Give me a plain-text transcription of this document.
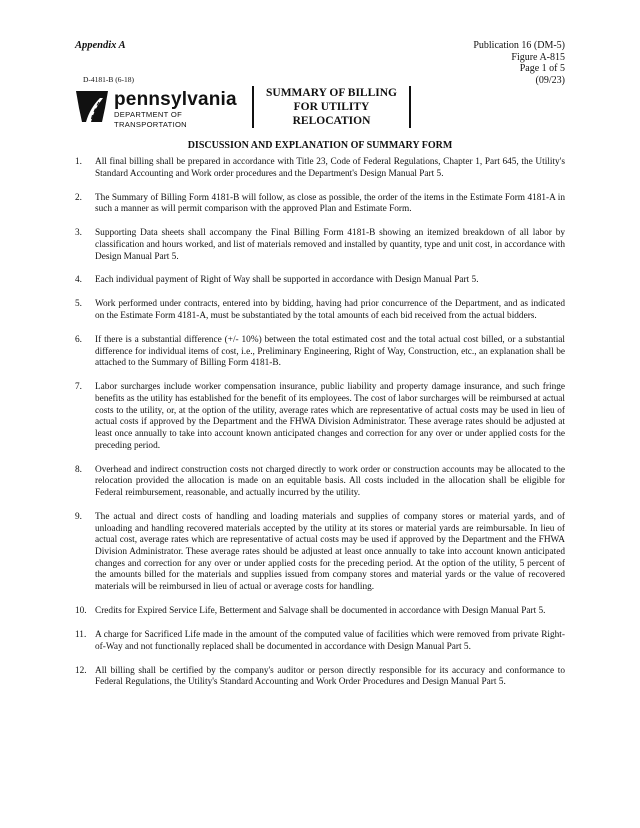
Appendix A	Publication 16 (DM-5)
Figure A-815
Page 1 of 5
(09/23)
D-4181-B (6-18)
pennsylvania
DEPARTMENT OF TRANSPORTATION
SUMMARY OF BILLING
FOR UTILITY
RELOCATION
DISCUSSION AND EXPLANATION OF SUMMARY FORM
1.	All final billing shall be prepared in accordance with Title 23, Code of Federal Regulations, Chapter 1, Part 645, the Utility's Standard Accounting and Work order procedures and the Department's Design Manual Part 5.
2.	The Summary of Billing Form 4181-B will follow, as close as possible, the order of the items in the Estimate Form 4181-A in such a manner as will permit comparison with the approved Plan and Estimate Form.
3.	Supporting Data sheets shall accompany the Final Billing Form 4181-B showing an itemized breakdown of all labor by classification and hours worked, and list of materials removed and installed by quantity, type and unit cost, in accordance with Design Manual Part 5.
4.	Each individual payment of Right of Way shall be supported in accordance with Design Manual Part 5.
5.	Work performed under contracts, entered into by bidding, having had prior concurrence of the Department, and as indicated on the Estimate Form 4181-A, must be substantiated by the total amounts of each bid received from the actual bidders.
6.	If there is a substantial difference (+/- 10%) between the total estimated cost and the total actual cost billed, or a substantial difference for individual items of cost, i.e., Preliminary Engineering, Right of Way, Construction, etc., an explanation shall be attached to the Summary of Billing Form 4181-B.
7.	Labor surcharges include worker compensation insurance, public liability and property damage insurance, and such fringe benefits as the utility has established for the benefit of its employees. The cost of labor surcharges will be reimbursed at actual costs to the utility, or, at the option of the utility, average rates which are representative of actual costs may be used in lieu of actual costs if approved by the Department and the FHWA Division Administrator. These average rates should be adjusted at least once annually to take into account known anticipated changes and correction for any over or under applied costs for the preceding period.
8.	Overhead and indirect construction costs not charged directly to work order or construction accounts may be allocated to the relocation provided the allocation is made on an equitable basis. All costs included in the allocation shall be eligible for Federal reimbursement, reasonable, and actually incurred by the utility.
9.	The actual and direct costs of handling and loading materials and supplies of company stores or material yards, and of unloading and handling recovered materials accepted by the utility at its stores or material yards are reimbursable. In lieu of actual cost, average rates which are representative of actual costs may be used if approved by the Department and the FHWA Division Administrator. These average rates should be adjusted at least once annually to take into account known anticipated changes and correction for any over or under applied costs for the preceding period. At the option of the utility, 5 percent of the amounts billed for the materials and supplies issued from company stores and material yards or the value of recovered materials will be reimbursed in lieu of actual or average costs for handling.
10. Credits for Expired Service Life, Betterment and Salvage shall be documented in accordance with Design Manual Part 5.
11. A charge for Sacrificed Life made in the amount of the computed value of facilities which were removed from private Right-of-Way and not functionally replaced shall be documented in accordance with Design Manual Part 5.
12. All billing shall be certified by the company's auditor or person directly responsible for its accuracy and conformance to Federal Regulations, the Utility's Standard Accounting and Work Order Procedures and Design Manual Part 5.
